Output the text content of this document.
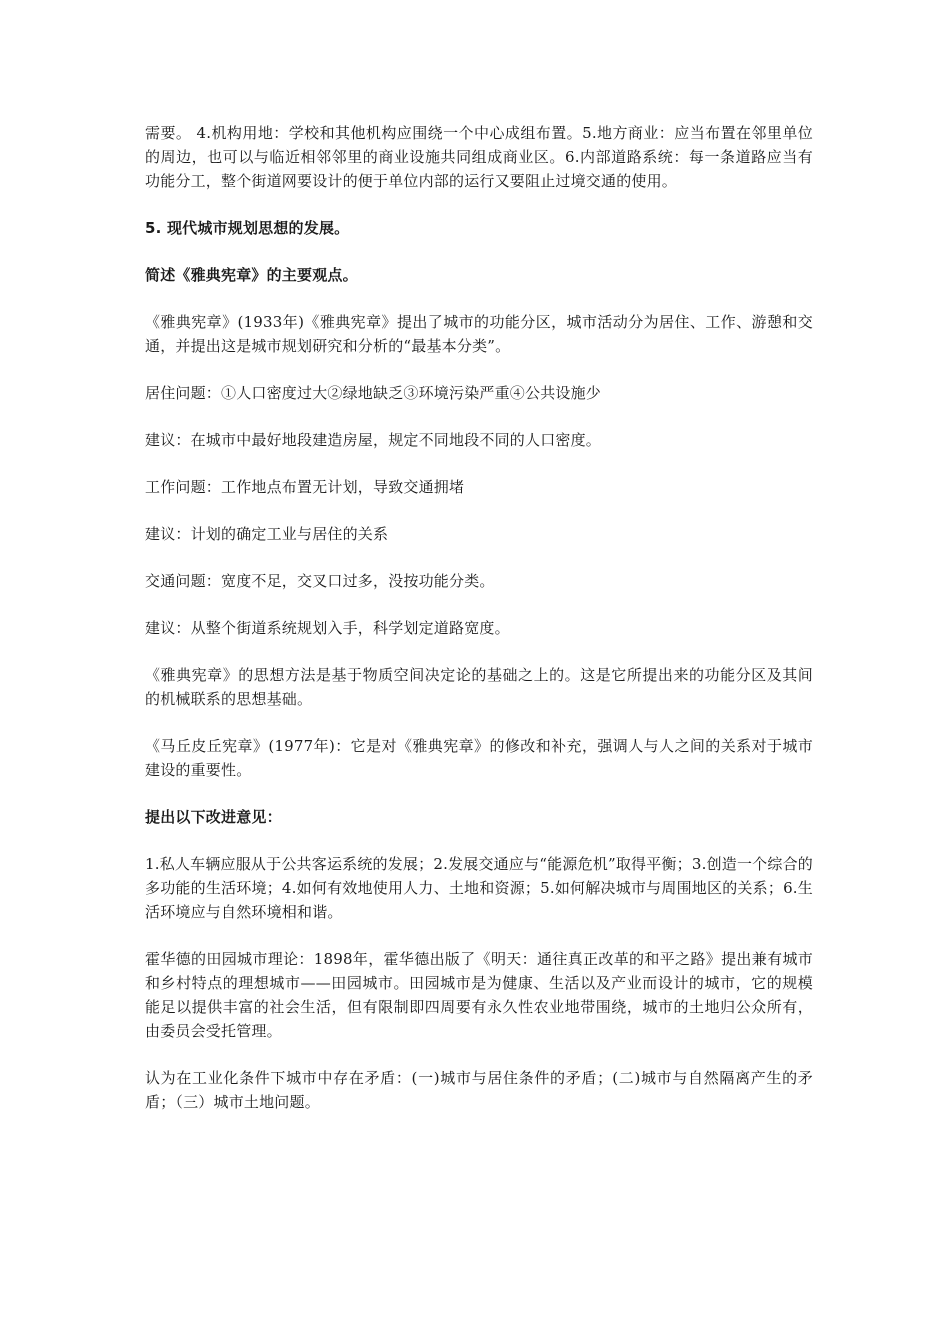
需要。 4.机构用地：学校和其他机构应围绕一个中心成组布置。5.地方商业：应当布置在邻里单位的周边，也可以与临近相邻邻里的商业设施共同组成商业区。6.内部道路系统：每一条道路应当有功能分工，整个街道网要设计的便于单位内部的运行又要阻止过境交通的使用。

5. 现代城市规划思想的发展。

简述《雅典宪章》的主要观点。

《雅典宪章》(1933年)《雅典宪章》提出了城市的功能分区，城市活动分为居住、工作、游憩和交通，并提出这是城市规划研究和分析的“最基本分类”。

居住问题：①人口密度过大②绿地缺乏③环境污染严重④公共设施少

建议：在城市中最好地段建造房屋，规定不同地段不同的人口密度。

工作问题：工作地点布置无计划，导致交通拥堵

建议：计划的确定工业与居住的关系

交通问题：宽度不足，交叉口过多，没按功能分类。

建议：从整个街道系统规划入手，科学划定道路宽度。

《雅典宪章》的思想方法是基于物质空间决定论的基础之上的。这是它所提出来的功能分区及其间的机械联系的思想基础。

《马丘皮丘宪章》(1977年)：它是对《雅典宪章》的修改和补充，强调人与人之间的关系对于城市建设的重要性。

提出以下改进意见：

1.私人车辆应服从于公共客运系统的发展；2.发展交通应与“能源危机”取得平衡；3.创造一个综合的多功能的生活环境；4.如何有效地使用人力、土地和资源；5.如何解决城市与周围地区的关系；6.生活环境应与自然环境相和谐。

霍华德的田园城市理论：1898年，霍华德出版了《明天：通往真正改革的和平之路》提出兼有城市和乡村特点的理想城市——田园城市。田园城市是为健康、生活以及产业而设计的城市，它的规模能足以提供丰富的社会生活，但有限制即四周要有永久性农业地带围绕，城市的土地归公众所有，由委员会受托管理。

认为在工业化条件下城市中存在矛盾：(一)城市与居住条件的矛盾；(二)城市与自然隔离产生的矛盾；（三）城市土地问题。
